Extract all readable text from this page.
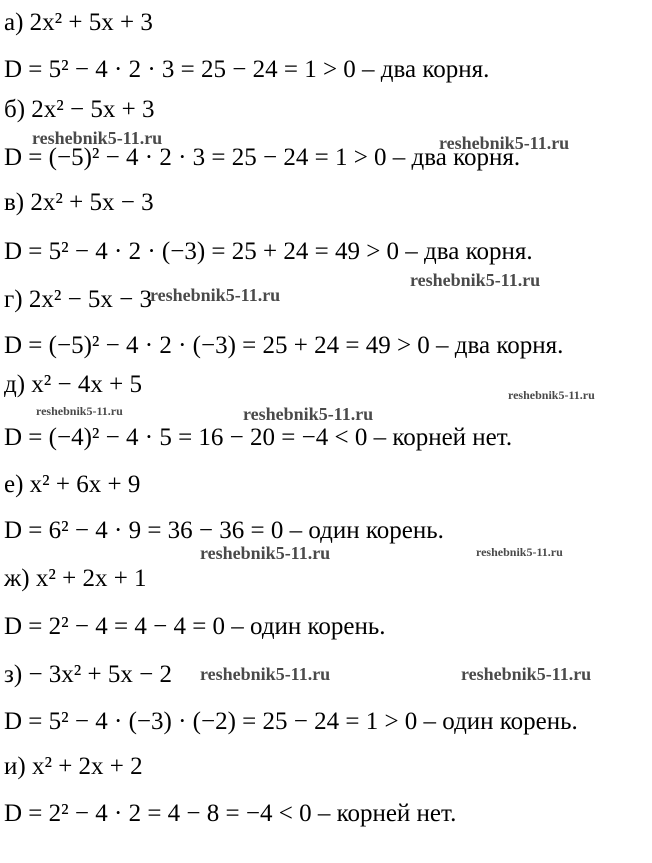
а) 2x² + 5x + 3
D = 5² − 4 · 2 · 3 = 25 − 24 = 1 > 0 – два корня.
б) 2x² − 5x + 3
D = (−5)² − 4 · 2 · 3 = 25 − 24 = 1 > 0 – два корня.
в) 2x² + 5x − 3
D = 5² − 4 · 2 · (−3) = 25 + 24 = 49 > 0 – два корня.
г) 2x² − 5x − 3
D = (−5)² − 4 · 2 · (−3) = 25 + 24 = 49 > 0 – два корня.
д) x² − 4x + 5
D = (−4)² − 4 · 5 = 16 − 20 = −4 < 0 – корней нет.
е) x² + 6x + 9
D = 6² − 4 · 9 = 36 − 36 = 0 – один корень.
ж) x² + 2x + 1
D = 2² − 4 = 4 − 4 = 0 – один корень.
з) − 3x² + 5x − 2
D = 5² − 4 · (−3) · (−2) = 25 − 24 = 1 > 0 – один корень.
и) x² + 2x + 2
D = 2² − 4 · 2 = 4 − 8 = −4 < 0 – корней нет.
reshebnik5-11.ru	reshebnik5-11.ru
reshebnik5-11.ru
reshebnik5-11.ru
reshebnik5-11.ru
reshebnik5-11.ru	reshebnik5-11.ru
reshebnik5-11.ru	reshebnik5-11.ru
reshebnik5-11.ru	reshebnik5-11.ru
